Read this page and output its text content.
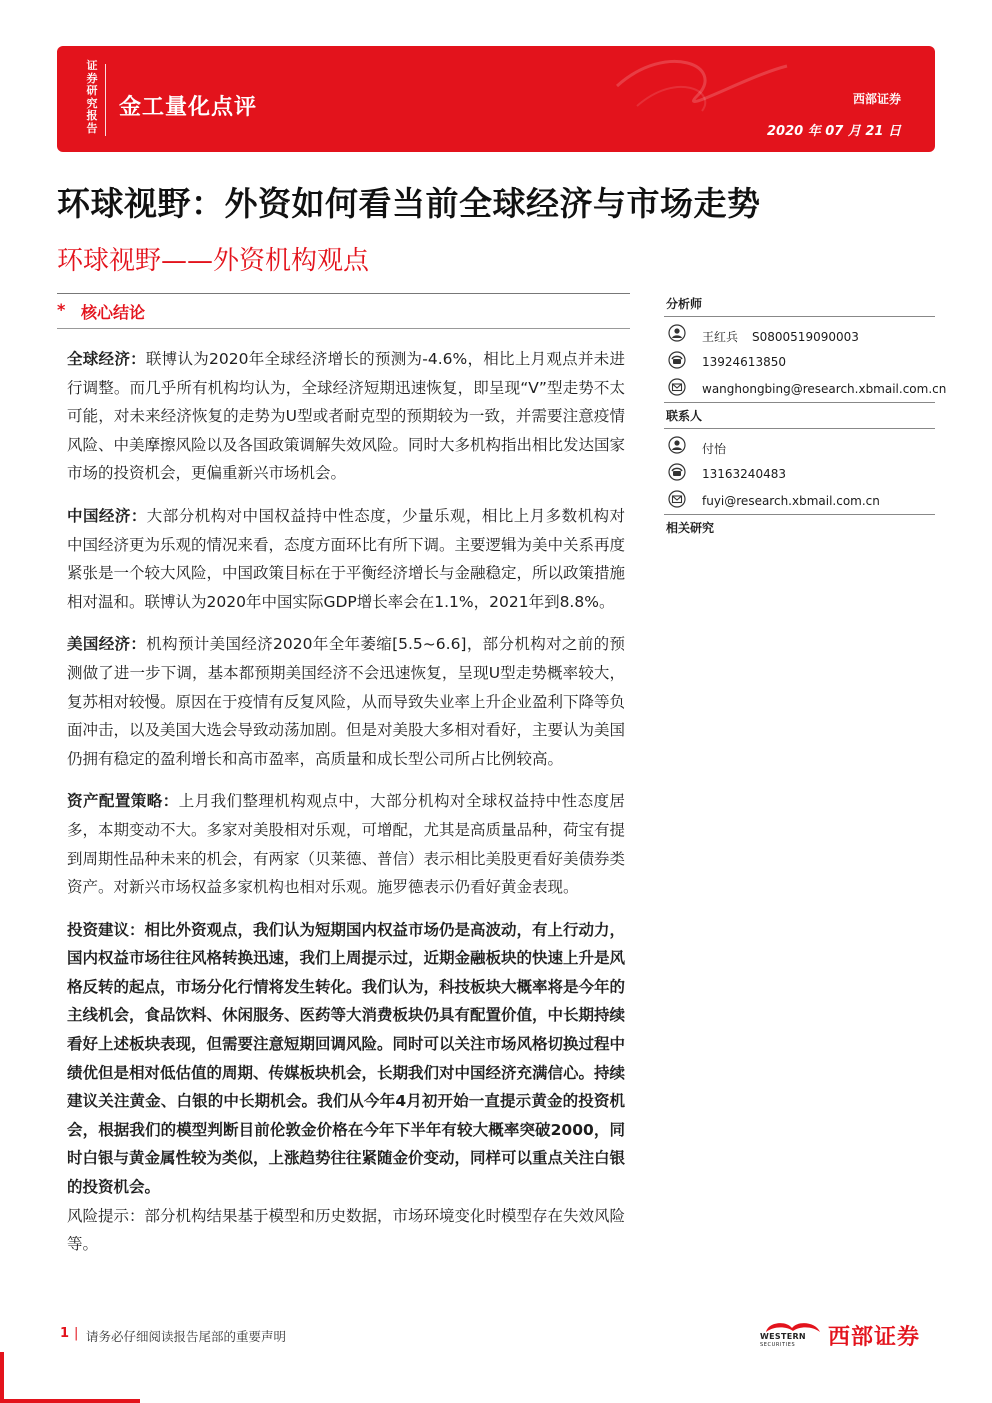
证
券
研
究
报
告
金工量化点评	西部证券
2020 年 07 月 21 日
环球视野：外资如何看当前全球经济与市场走势
环球视野——外资机构观点
* 核心结论

全球经济：联博认为2020年全球经济增长的预测为-4.6%，相比上月观点并未进行调整。而几乎所有机构均认为，全球经济短期迅速恢复，即呈现“V”型走势不太可能，对未来经济恢复的走势为U型或者耐克型的预期较为一致，并需要注意疫情风险、中美摩擦风险以及各国政策调解失效风险。同时大多机构指出相比发达国家市场的投资机会，更偏重新兴市场机会。

中国经济：大部分机构对中国权益持中性态度，少量乐观，相比上月多数机构对中国经济更为乐观的情况来看，态度方面环比有所下调。主要逻辑为美中关系再度紧张是一个较大风险，中国政策目标在于平衡经济增长与金融稳定，所以政策措施相对温和。联博认为2020年中国实际GDP增长率会在1.1%，2021年到8.8%。

美国经济：机构预计美国经济2020年全年萎缩[5.5~6.6]，部分机构对之前的预测做了进一步下调，基本都预期美国经济不会迅速恢复，呈现U型走势概率较大，复苏相对较慢。原因在于疫情有反复风险，从而导致失业率上升企业盈利下降等负面冲击，以及美国大选会导致动荡加剧。但是对美股大多相对看好，主要认为美国仍拥有稳定的盈利增长和高市盈率，高质量和成长型公司所占比例较高。

资产配置策略：上月我们整理机构观点中，大部分机构对全球权益持中性态度居多，本期变动不大。多家对美股相对乐观，可增配，尤其是高质量品种，荷宝有提到周期性品种未来的机会，有两家（贝莱德、普信）表示相比美股更看好美债券类资产。对新兴市场权益多家机构也相对乐观。施罗德表示仍看好黄金表现。

投资建议：相比外资观点，我们认为短期国内权益市场仍是高波动，有上行动力，国内权益市场往往风格转换迅速，我们上周提示过，近期金融板块的快速上升是风格反转的起点，市场分化行情将发生转化。我们认为，科技板块大概率将是今年的主线机会，食品饮料、休闲服务、医药等大消费板块仍具有配置价值，中长期持续看好上述板块表现，但需要注意短期回调风险。同时可以关注市场风格切换过程中绩优但是相对低估值的周期、传媒板块机会，长期我们对中国经济充满信心。持续建议关注黄金、白银的中长期机会。我们从今年4月初开始一直提示黄金的投资机会，根据我们的模型判断目前伦敦金价格在今年下半年有较大概率突破2000，同时白银与黄金属性较为类似，上涨趋势往往紧随金价变动，同样可以重点关注白银的投资机会。

风险提示：部分机构结果基于模型和历史数据，市场环境变化时模型存在失效风险等。

分析师
王红兵 S0800519090003
13924613850
wanghongbing@research.xbmail.com.cn
联系人
付怡
13163240483
fuyi@research.xbmail.com.cn
相关研究
1 | 请务必仔细阅读报告尾部的重要声明	WESTERN
SECURITIES 西部证券
